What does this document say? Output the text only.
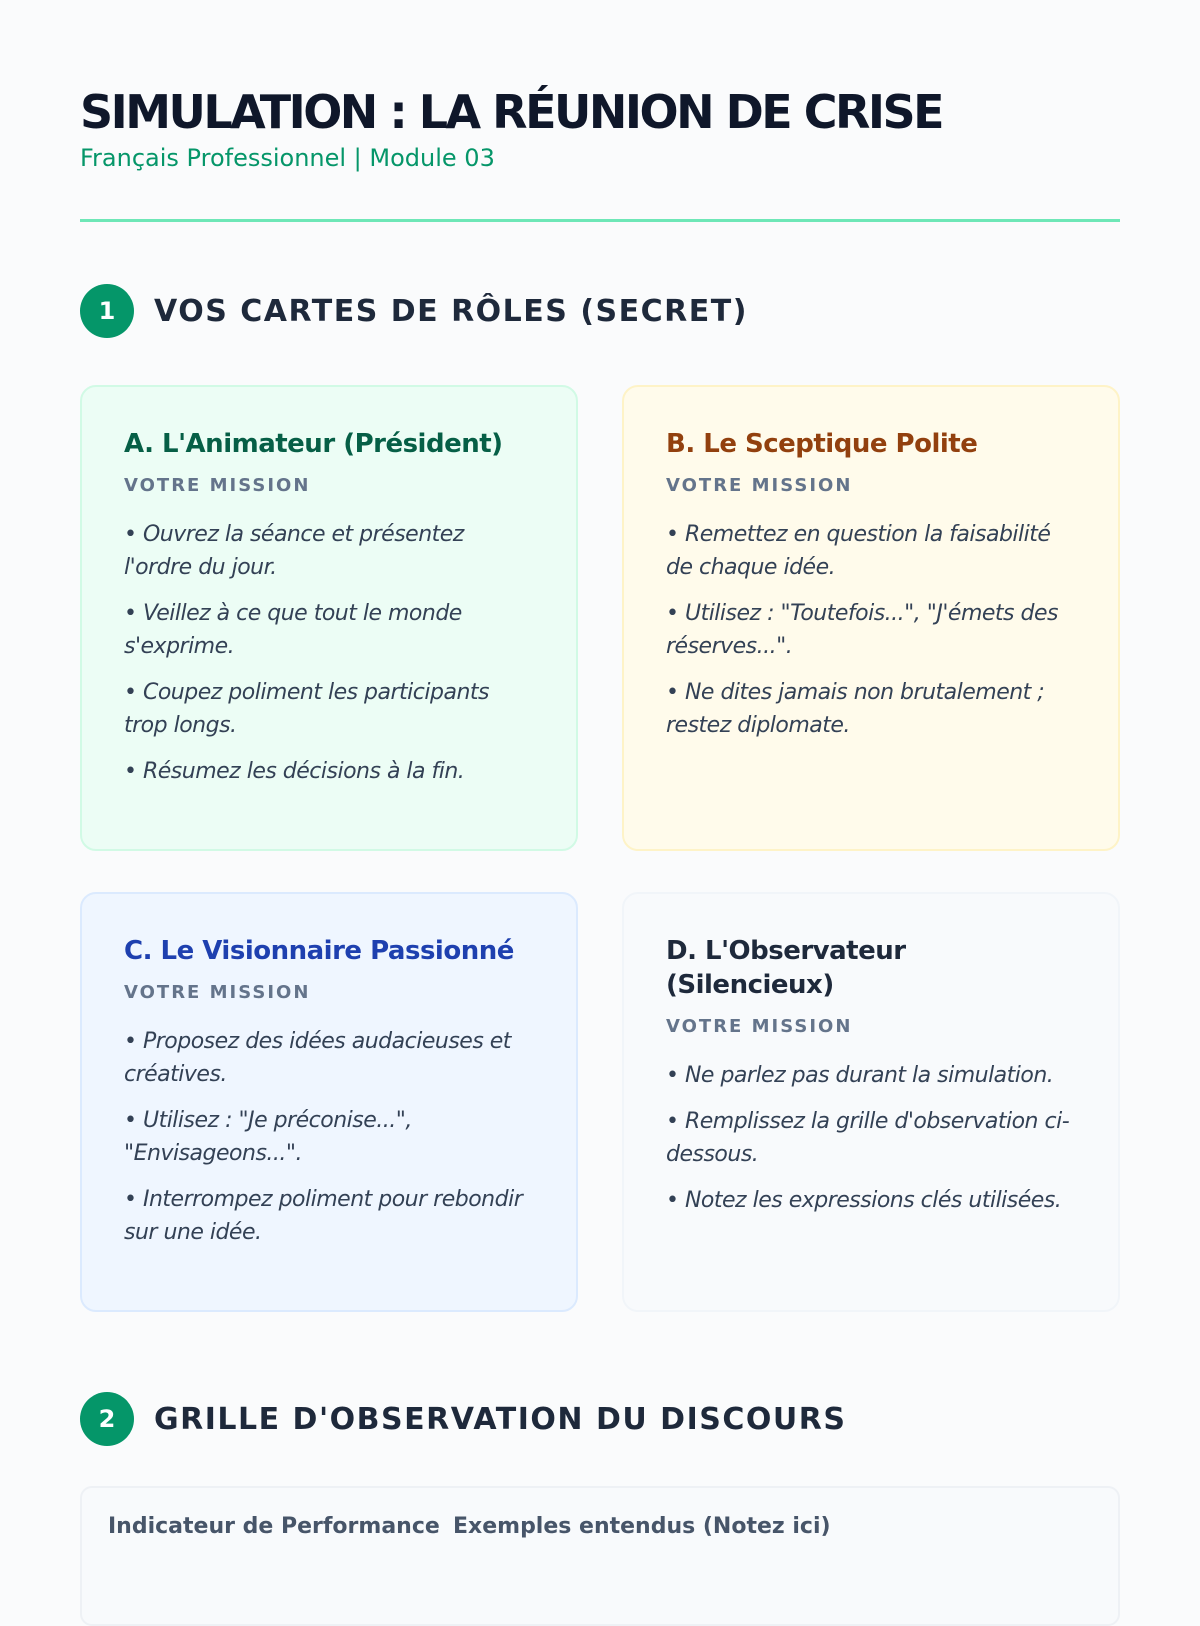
SIMULATION : LA RÉUNION DE CRISE
Français Professionnel | Module 03
1	VOS CARTES DE RÔLES (SECRET)
A. L'Animateur (Président)
VOTRE MISSION
• Ouvrez la séance et présentez l'ordre du jour.
• Veillez à ce que tout le monde s'exprime.
• Coupez poliment les participants trop longs.
• Résumez les décisions à la fin.
B. Le Sceptique Polite
VOTRE MISSION
• Remettez en question la faisabilité de chaque idée.
• Utilisez : "Toutefois...", "J'émets des réserves...".
• Ne dites jamais non brutalement ; restez diplomate.
C. Le Visionnaire Passionné
VOTRE MISSION
• Proposez des idées audacieuses et créatives.
• Utilisez : "Je préconise...", "Envisageons...".
• Interrompez poliment pour rebondir sur une idée.
D. L'Observateur (Silencieux)
VOTRE MISSION
• Ne parlez pas durant la simulation.
• Remplissez la grille d'observation ci-dessous.
• Notez les expressions clés utilisées.
2	GRILLE D'OBSERVATION DU DISCOURS
Indicateur de Performance Exemples entendus (Notez ici)
